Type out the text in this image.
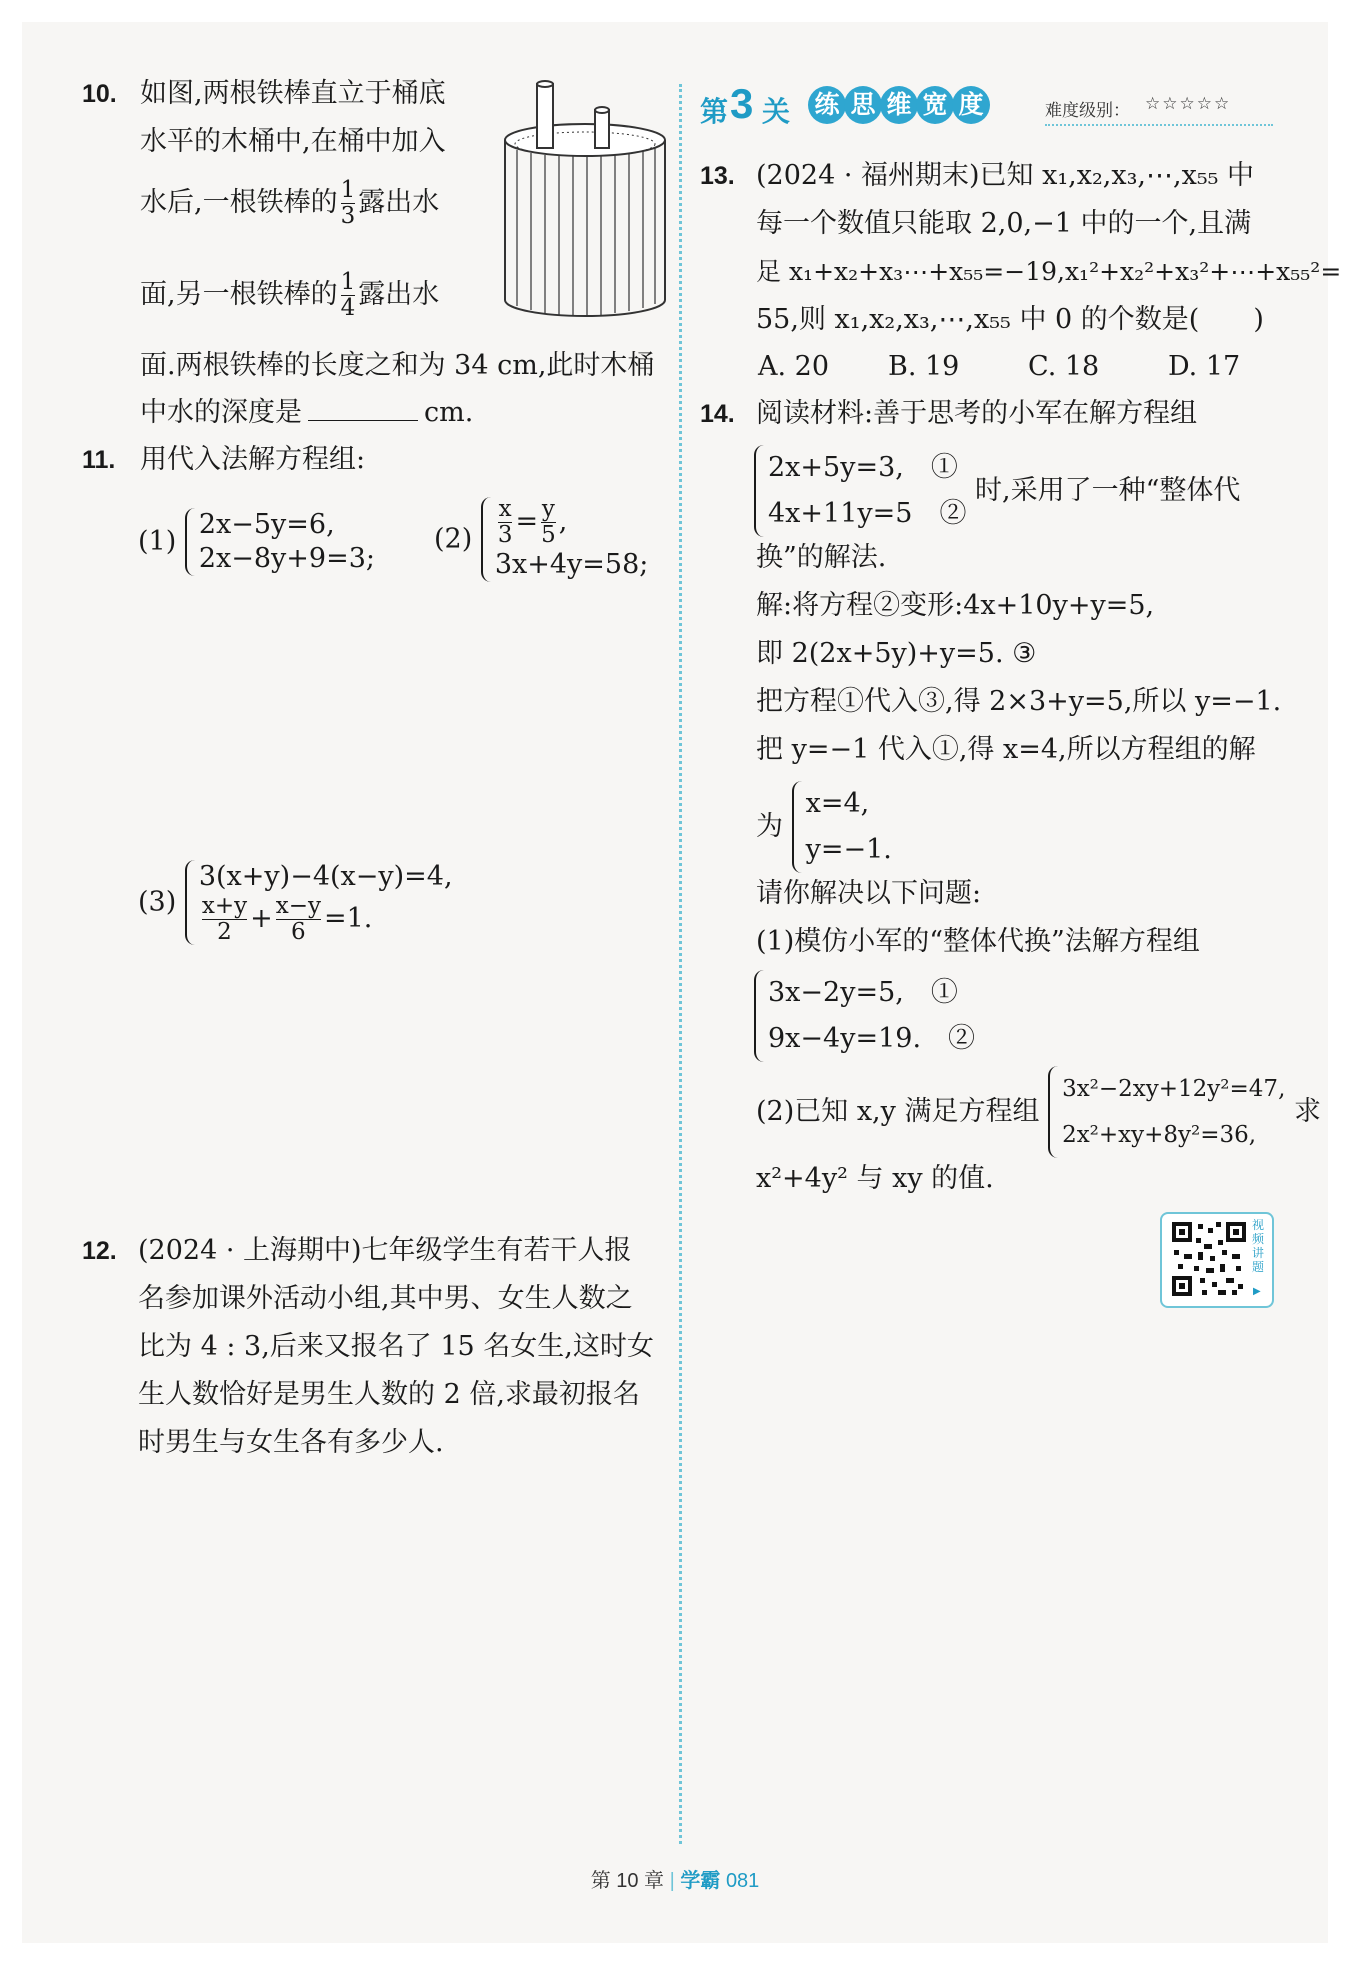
10. 如图,两根铁棒直立于桶底
水平的木桶中,在桶中加入
水后,一根铁棒的 $\frac{1}{3}$ 露出水
面,另一根铁棒的 $\frac{1}{4}$ 露出水
面.两根铁棒的长度之和为 34 cm,此时木桶
中水的深度是	cm.
11. 用代入法解方程组:
(1)
2x−5y=6,
2x−8y+9=3;
$(2) \frac{x}{3} = \frac{y}{5}$ ,
3x+4y=58;
(3)
3(x+y)−4(x−y)=4,
$\frac{x+y}{2} + \frac{x-y}{6} =1$.
12. (2024 · 上海期中)七年级学生有若干人报
名参加课外活动小组,其中男、女生人数之
比为 4 : 3,后来又报名了 15 名女生,这时女
生人数恰好是男生人数的 2 倍,求最初报名
时男生与女生各有多少人.
第 3 关 练 思 维 宽 度	难度级别： ☆☆☆☆☆
13. (2024 · 福州期末)已知 x₁,x₂,x₃,⋯,x₅₅ 中
每一个数值只能取 2,0,−1 中的一个,且满
足 x₁+x₂+x₃⋯+x₅₅=−19,x₁²+x₂²+x₃²+⋯+x₅₅²=
55,则 x₁,x₂,x₃,⋯,x₅₅ 中 0 的个数是(　　)
A. 20 B. 19	C. 18	D. 17
14. 阅读材料:善于思考的小军在解方程组
2x+5y=3,　①
4x+11y=5　②
时,采用了一种“整体代
换”的解法.
解:将方程②变形:4x+10y+y=5,
即 2(2x+5y)+y=5. ③
把方程①代入③,得 2×3+y=5,所以 y=−1.
把 y=−1 代入①,得 x=4,所以方程组的解
为
x=4,
y=−1.
请你解决以下问题:
(1)模仿小军的“整体代换”法解方程组
3x−2y=5,　①
9x−4y=19.　②
(2)已知 x,y 满足方程组
3x²−2xy+12y²=47,
2x²+xy+8y²=36,
求
x²+4y² 与 xy 的值.
视频讲题
▶
第 10 章 | 学霸 081
